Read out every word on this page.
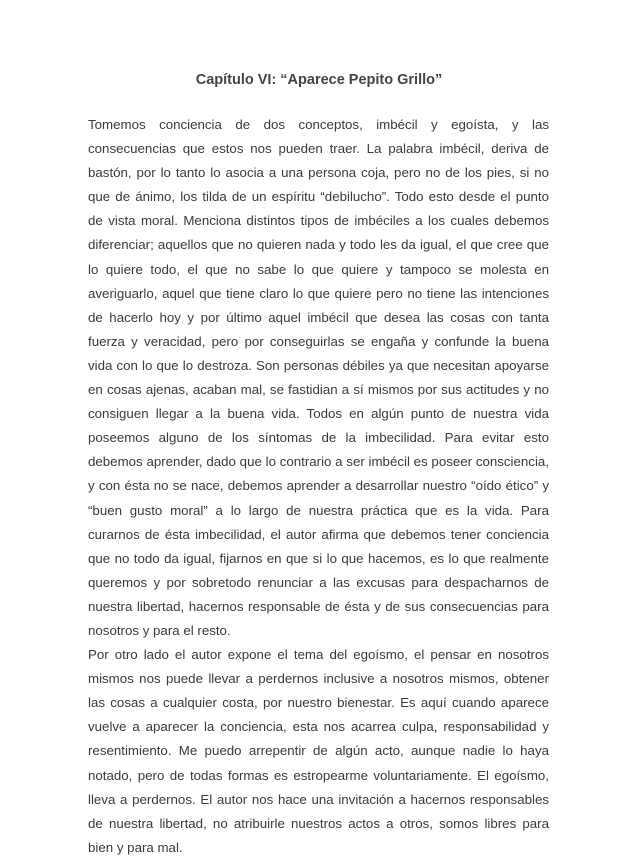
Capítulo VI: “Aparece Pepito Grillo”

Tomemos conciencia de dos conceptos, imbécil y egoísta, y las consecuencias que estos nos pueden traer. La palabra imbécil, deriva de bastón, por lo tanto lo asocia a una persona coja, pero no de los pies, si no que de ánimo, los tilda de un espíritu “debilucho”. Todo esto desde el punto de vista moral. Menciona distintos tipos de imbéciles a los cuales debemos diferenciar; aquellos que no quieren nada y todo les da igual, el que cree que lo quiere todo, el que no sabe lo que quiere y tampoco se molesta en averiguarlo, aquel que tiene claro lo que quiere pero no tiene las intenciones de hacerlo hoy y por último aquel imbécil que desea las cosas con tanta fuerza y veracidad, pero por conseguirlas se engaña y confunde la buena vida con lo que lo destroza. Son personas débiles ya que necesitan apoyarse en cosas ajenas, acaban mal, se fastidian a sí mismos por sus actitudes y no consiguen llegar a la buena vida. Todos en algún punto de nuestra vida poseemos alguno de los síntomas de la imbecilidad. Para evitar esto debemos aprender, dado que lo contrario a ser imbécil es poseer consciencia, y con ésta no se nace, debemos aprender a desarrollar nuestro “oído ético” y “buen gusto moral” a lo largo de nuestra práctica que es la vida. Para curarnos de ésta imbecilidad, el autor afirma que debemos tener conciencia que no todo da igual, fijarnos en que si lo que hacemos, es lo que realmente queremos y por sobretodo renunciar a las excusas para despacharnos de nuestra libertad, hacernos responsable de ésta y de sus consecuencias para nosotros y para el resto.

Por otro lado el autor expone el tema del egoísmo, el pensar en nosotros mismos nos puede llevar a perdernos inclusive a nosotros mismos, obtener las cosas a cualquier costa, por nuestro bienestar. Es aquí cuando aparece vuelve a aparecer la conciencia, esta nos acarrea culpa, responsabilidad y resentimiento. Me puedo arrepentir de algún acto, aunque nadie lo haya notado, pero de todas formas es estropearme voluntariamente. El egoísmo, lleva a perdernos. El autor nos hace una invitación a hacernos responsables de nuestra libertad, no atribuirle nuestros actos a otros, somos libres para bien y para mal.
